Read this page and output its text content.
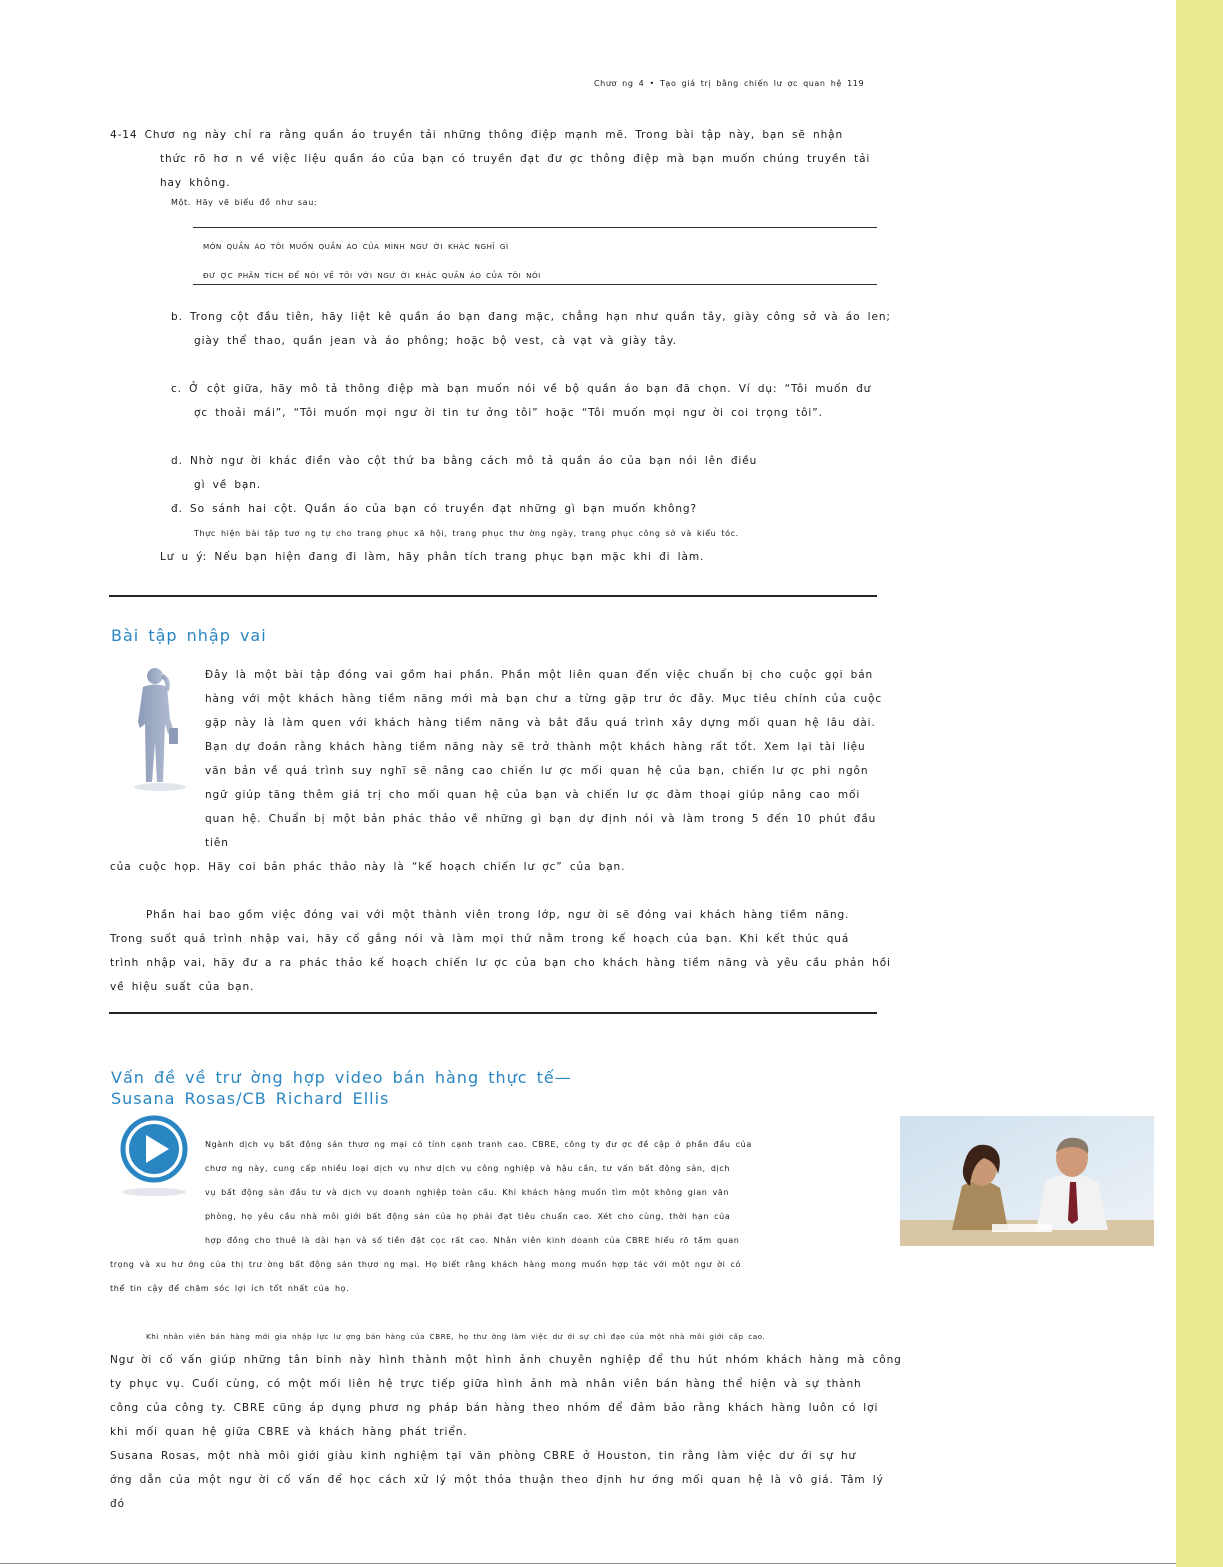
Chươ ng 4 • Tạo giá trị bằng chiến lư ợc quan hệ 119
4-14 Chươ ng này chỉ ra rằng quần áo truyền tải những thông điệp mạnh mẽ. Trong bài tập này, bạn sẽ nhận
thức rõ hơ n về việc liệu quần áo của bạn có truyền đạt đư ợc thông điệp mà bạn muốn chúng truyền tải
hay không.
Một. Hãy vẽ biểu đồ như sau:
MÓN QUẦN ÁO TÔI MUỐN QUẦN ÁO CỦA MÌNH NGƯ ỜI KHÁC NGHĨ GÌ
ĐƯ ỢC PHÂN TÍCH ĐỂ NÓI VỀ TÔI VỚI NGƯ ỜI KHÁC QUẦN ÁO CỦA TÔI NÓI
b. Trong cột đầu tiên, hãy liệt kê quần áo bạn đang mặc, chẳng hạn như quần tây, giày công sở và áo len;
giày thể thao, quần jean và áo phông; hoặc bộ vest, cà vạt và giày tây.
c. Ở cột giữa, hãy mô tả thông điệp mà bạn muốn nói về bộ quần áo bạn đã chọn. Ví dụ: “Tôi muốn đư
ợc thoải mái”, “Tôi muốn mọi ngư ời tin tư ởng tôi” hoặc “Tôi muốn mọi ngư ời coi trọng tôi”.
d. Nhờ ngư ời khác điền vào cột thứ ba bằng cách mô tả quần áo của bạn nói lên điều
gì về bạn.
đ. So sánh hai cột. Quần áo của bạn có truyền đạt những gì bạn muốn không?
Thực hiện bài tập tươ ng tự cho trang phục xã hội, trang phục thư ờng ngày, trang phục công sở và kiểu tóc.
Lư u ý: Nếu bạn hiện đang đi làm, hãy phân tích trang phục bạn mặc khi đi làm.
Bài tập nhập vai
Đây là một bài tập đóng vai gồm hai phần. Phần một liên quan đến việc chuẩn bị cho cuộc gọi bán
hàng với một khách hàng tiềm năng mới mà bạn chư a từng gặp trư ớc đây. Mục tiêu chính của cuộc
gặp này là làm quen với khách hàng tiềm năng và bắt đầu quá trình xây dựng mối quan hệ lâu dài.
Bạn dự đoán rằng khách hàng tiềm năng này sẽ trở thành một khách hàng rất tốt. Xem lại tài liệu
văn bản về quá trình suy nghĩ sẽ nâng cao chiến lư ợc mối quan hệ của bạn, chiến lư ợc phi ngôn
ngữ giúp tăng thêm giá trị cho mối quan hệ của bạn và chiến lư ợc đàm thoại giúp nâng cao mối
quan hệ. Chuẩn bị một bản phác thảo về những gì bạn dự định nói và làm trong 5 đến 10 phút đầu
tiên
của cuộc họp. Hãy coi bản phác thảo này là “kế hoạch chiến lư ợc” của bạn.
Phần hai bao gồm việc đóng vai với một thành viên trong lớp, ngư ời sẽ đóng vai khách hàng tiềm năng.
Trong suốt quá trình nhập vai, hãy cố gắng nói và làm mọi thứ nằm trong kế hoạch của bạn. Khi kết thúc quá
trình nhập vai, hãy đư a ra phác thảo kế hoạch chiến lư ợc của bạn cho khách hàng tiềm năng và yêu cầu phản hồi
về hiệu suất của bạn.
Vấn đề về trư ờng hợp video bán hàng thực tế—
Susana Rosas/CB Richard Ellis
Ngành dịch vụ bất động sản thươ ng mại có tính cạnh tranh cao. CBRE, công ty đư ợc đề cập ở phần đầu của
chươ ng này, cung cấp nhiều loại dịch vụ như dịch vụ công nghiệp và hậu cần, tư vấn bất động sản, dịch
vụ bất động sản đầu tư và dịch vụ doanh nghiệp toàn cầu. Khi khách hàng muốn tìm một không gian văn
phòng, họ yêu cầu nhà môi giới bất động sản của họ phải đạt tiêu chuẩn cao. Xét cho cùng, thời hạn của
hợp đồng cho thuê là dài hạn và số tiền đặt cọc rất cao. Nhân viên kinh doanh của CBRE hiểu rõ tầm quan
trọng và xu hư ớng của thị trư ờng bất động sản thươ ng mại. Họ biết rằng khách hàng mong muốn hợp tác với một ngư ời có
thể tin cậy để chăm sóc lợi ích tốt nhất của họ.
Khi nhân viên bán hàng mới gia nhập lực lư ợng bán hàng của CBRE, họ thư ờng làm việc dư ới sự chỉ đạo của một nhà môi giới cấp cao.
Ngư ời cố vấn giúp những tân binh này hình thành một hình ảnh chuyên nghiệp để thu hút nhóm khách hàng mà công
ty phục vụ. Cuối cùng, có một mối liên hệ trực tiếp giữa hình ảnh mà nhân viên bán hàng thể hiện và sự thành
công của công ty. CBRE cũng áp dụng phươ ng pháp bán hàng theo nhóm để đảm bảo rằng khách hàng luôn có lợi
khi mối quan hệ giữa CBRE và khách hàng phát triển.
Susana Rosas, một nhà môi giới giàu kinh nghiệm tại văn phòng CBRE ở Houston, tin rằng làm việc dư ới sự hư
ớng dẫn của một ngư ời cố vấn để học cách xử lý một thỏa thuận theo định hư ớng mối quan hệ là vô giá. Tâm lý
đó
